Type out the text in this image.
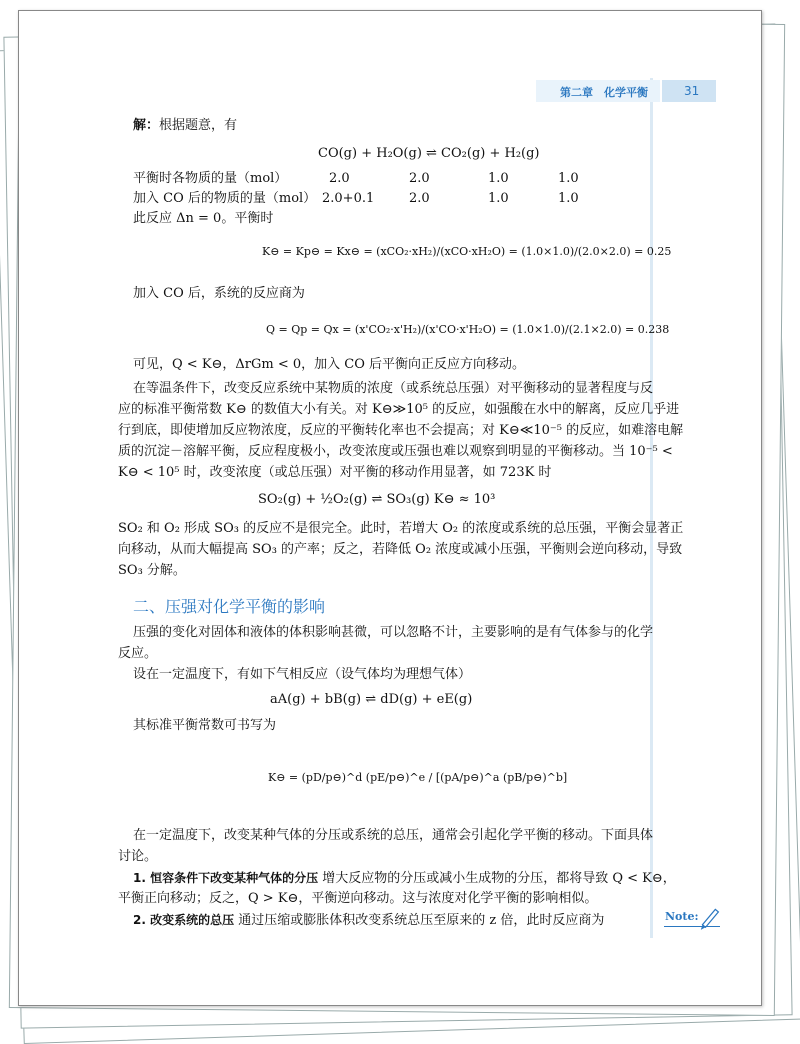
第二章　化学平衡	31
解：根据题意，有
CO(g) + H₂O(g) ⇌ CO₂(g) + H₂(g)
平衡时各物质的量（mol）	2.0	2.0	1.0	1.0
加入 CO 后的物质的量（mol） 2.0+0.1	2.0	1.0	1.0
此反应 Δn = 0。平衡时
K⊖ = Kp⊖ = Kx⊖ = (xCO₂·xH₂)/(xCO·xH₂O) = (1.0×1.0)/(2.0×2.0) = 0.25
加入 CO 后，系统的反应商为
Q = Qp = Qx = (x'CO₂·x'H₂)/(x'CO·x'H₂O) = (1.0×1.0)/(2.1×2.0) = 0.238
可见，Q < K⊖，ΔrGm < 0，加入 CO 后平衡向正反应方向移动。
在等温条件下，改变反应系统中某物质的浓度（或系统总压强）对平衡移动的显著程度与反
应的标准平衡常数 K⊖ 的数值大小有关。对 K⊖≫10⁵ 的反应，如强酸在水中的解离，反应几乎进
行到底，即使增加反应物浓度，反应的平衡转化率也不会提高；对 K⊖≪10⁻⁵ 的反应，如难溶电解
质的沉淀－溶解平衡，反应程度极小，改变浓度或压强也难以观察到明显的平衡移动。当 10⁻⁵ <
K⊖ < 10⁵ 时，改变浓度（或总压强）对平衡的移动作用显著，如 723K 时
SO₂(g) + ½O₂(g) ⇌ SO₃(g) K⊖ ≈ 10³
SO₂ 和 O₂ 形成 SO₃ 的反应不是很完全。此时，若增大 O₂ 的浓度或系统的总压强，平衡会显著正
向移动，从而大幅提高 SO₃ 的产率；反之，若降低 O₂ 浓度或减小压强，平衡则会逆向移动，导致
SO₃ 分解。
二、压强对化学平衡的影响
压强的变化对固体和液体的体积影响甚微，可以忽略不计，主要影响的是有气体参与的化学
反应。
设在一定温度下，有如下气相反应（设气体均为理想气体）
aA(g) + bB(g) ⇌ dD(g) + eE(g)
其标准平衡常数可书写为
K⊖ = (pD/p⊖)^d (pE/p⊖)^e / [(pA/p⊖)^a (pB/p⊖)^b]
在一定温度下，改变某种气体的分压或系统的总压，通常会引起化学平衡的移动。下面具体
讨论。
1. 恒容条件下改变某种气体的分压 增大反应物的分压或减小生成物的分压，都将导致 Q < K⊖，
平衡正向移动；反之，Q > K⊖，平衡逆向移动。这与浓度对化学平衡的影响相似。
2. 改变系统的总压 通过压缩或膨胀体积改变系统总压至原来的 z 倍，此时反应商为	Note:
